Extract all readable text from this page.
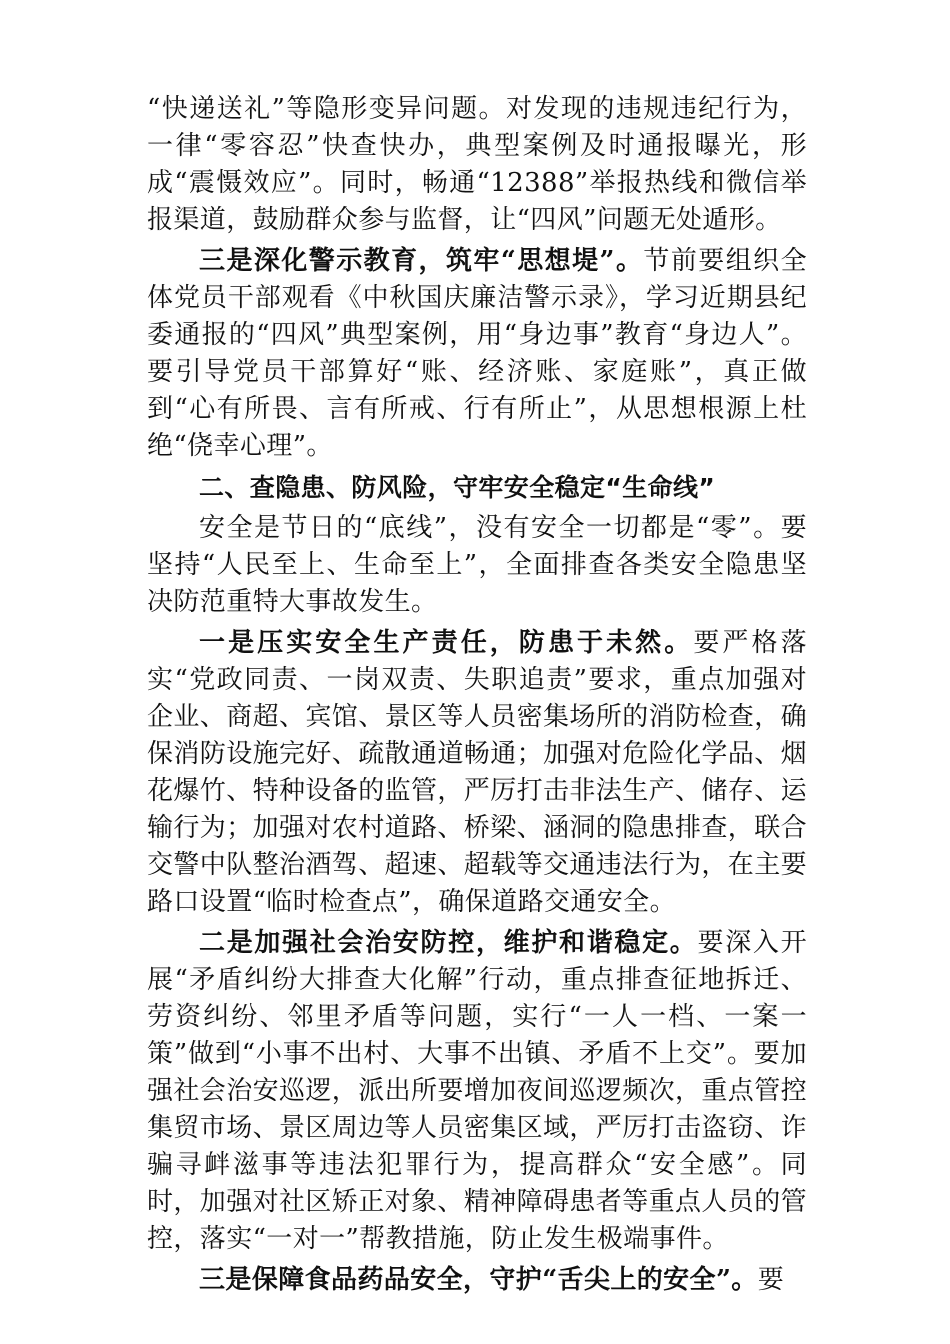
“快递送礼”等隐形变异问题。对发现的违规违纪行为，一律“零容忍”快查快办，典型案例及时通报曝光，形成“震慑效应”。同时，畅通“12388”举报热线和微信举报渠道，鼓励群众参与监督，让“四风”问题无处遁形。

三是深化警示教育，筑牢“思想堤”。节前要组织全体党员干部观看《中秋国庆廉洁警示录》，学习近期县纪委通报的“四风”典型案例，用“身边事”教育“身边人”。要引导党员干部算好“账、经济账、家庭账”，真正做到“心有所畏、言有所戒、行有所止”，从思想根源上杜绝“侥幸心理”。

二、查隐患、防风险，守牢安全稳定“生命线”

安全是节日的“底线”，没有安全一切都是“零”。要坚持“人民至上、生命至上”，全面排查各类安全隐患坚决防范重特大事故发生。

一是压实安全生产责任，防患于未然。要严格落实“党政同责、一岗双责、失职追责”要求，重点加强对企业、商超、宾馆、景区等人员密集场所的消防检查，确保消防设施完好、疏散通道畅通；加强对危险化学品、烟花爆竹、特种设备的监管，严厉打击非法生产、储存、运输行为；加强对农村道路、桥梁、涵洞的隐患排查，联合交警中队整治酒驾、超速、超载等交通违法行为，在主要路口设置“临时检查点”，确保道路交通安全。

二是加强社会治安防控，维护和谐稳定。要深入开展“矛盾纠纷大排查大化解”行动，重点排查征地拆迁、劳资纠纷、邻里矛盾等问题，实行“一人一档、一案一策”做到“小事不出村、大事不出镇、矛盾不上交”。要加强社会治安巡逻，派出所要增加夜间巡逻频次，重点管控集贸市场、景区周边等人员密集区域，严厉打击盗窃、诈骗寻衅滋事等违法犯罪行为，提高群众“安全感”。同时，加强对社区矫正对象、精神障碍患者等重点人员的管控，落实“一对一”帮教措施，防止发生极端事件。

三是保障食品药品安全，守护“舌尖上的安全”。要
